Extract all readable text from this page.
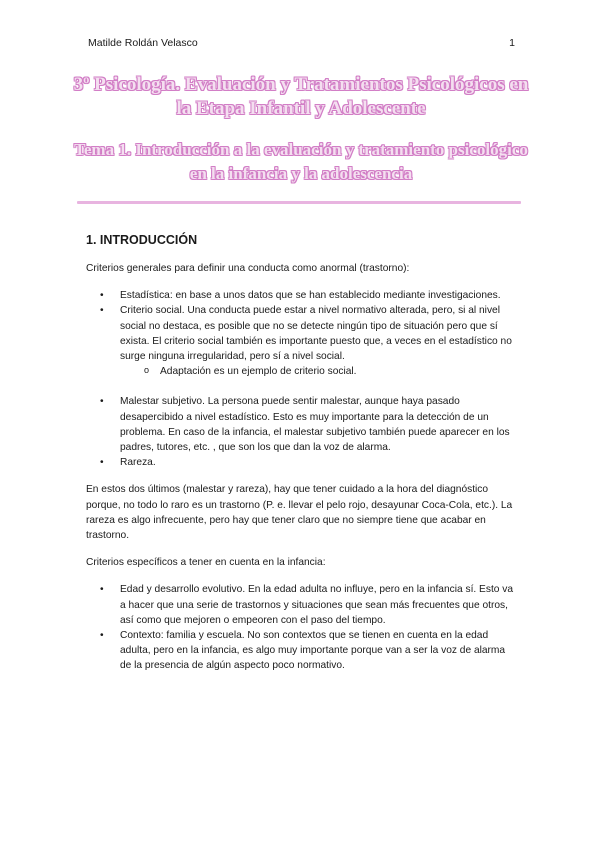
Matilde Roldán Velasco	1
3º Psicología. Evaluación y Tratamientos Psicológicos en la Etapa Infantil y Adolescente
Tema 1. Introducción a la evaluación y tratamiento psicológico en la infancia y la adolescencia
1. INTRODUCCIÓN

Criterios generales para definir una conducta como anormal (trastorno):

• Estadística: en base a unos datos que se han establecido mediante investigaciones.
• Criterio social. Una conducta puede estar a nivel normativo alterada, pero, si al nivel social no destaca, es posible que no se detecte ningún tipo de situación pero que sí exista. El criterio social también es importante puesto que, a veces en el estadístico no surge ninguna irregularidad, pero sí a nivel social.
o Adaptación es un ejemplo de criterio social.
• Malestar subjetivo. La persona puede sentir malestar, aunque haya pasado desapercibido a nivel estadístico. Esto es muy importante para la detección de un problema. En caso de la infancia, el malestar subjetivo también puede aparecer en los padres, tutores, etc. , que son los que dan la voz de alarma.
• Rareza.

En estos dos últimos (malestar y rareza), hay que tener cuidado a la hora del diagnóstico porque, no todo lo raro es un trastorno (P. e. llevar el pelo rojo, desayunar Coca-Cola, etc.). La rareza es algo infrecuente, pero hay que tener claro que no siempre tiene que acabar en trastorno.

Criterios específicos a tener en cuenta en la infancia:

• Edad y desarrollo evolutivo. En la edad adulta no influye, pero en la infancia sí. Esto va a hacer que una serie de trastornos y situaciones que sean más frecuentes que otros, así como que mejoren o empeoren con el paso del tiempo.
• Contexto: familia y escuela. No son contextos que se tienen en cuenta en la edad adulta, pero en la infancia, es algo muy importante porque van a ser la voz de alarma de la presencia de algún aspecto poco normativo.
